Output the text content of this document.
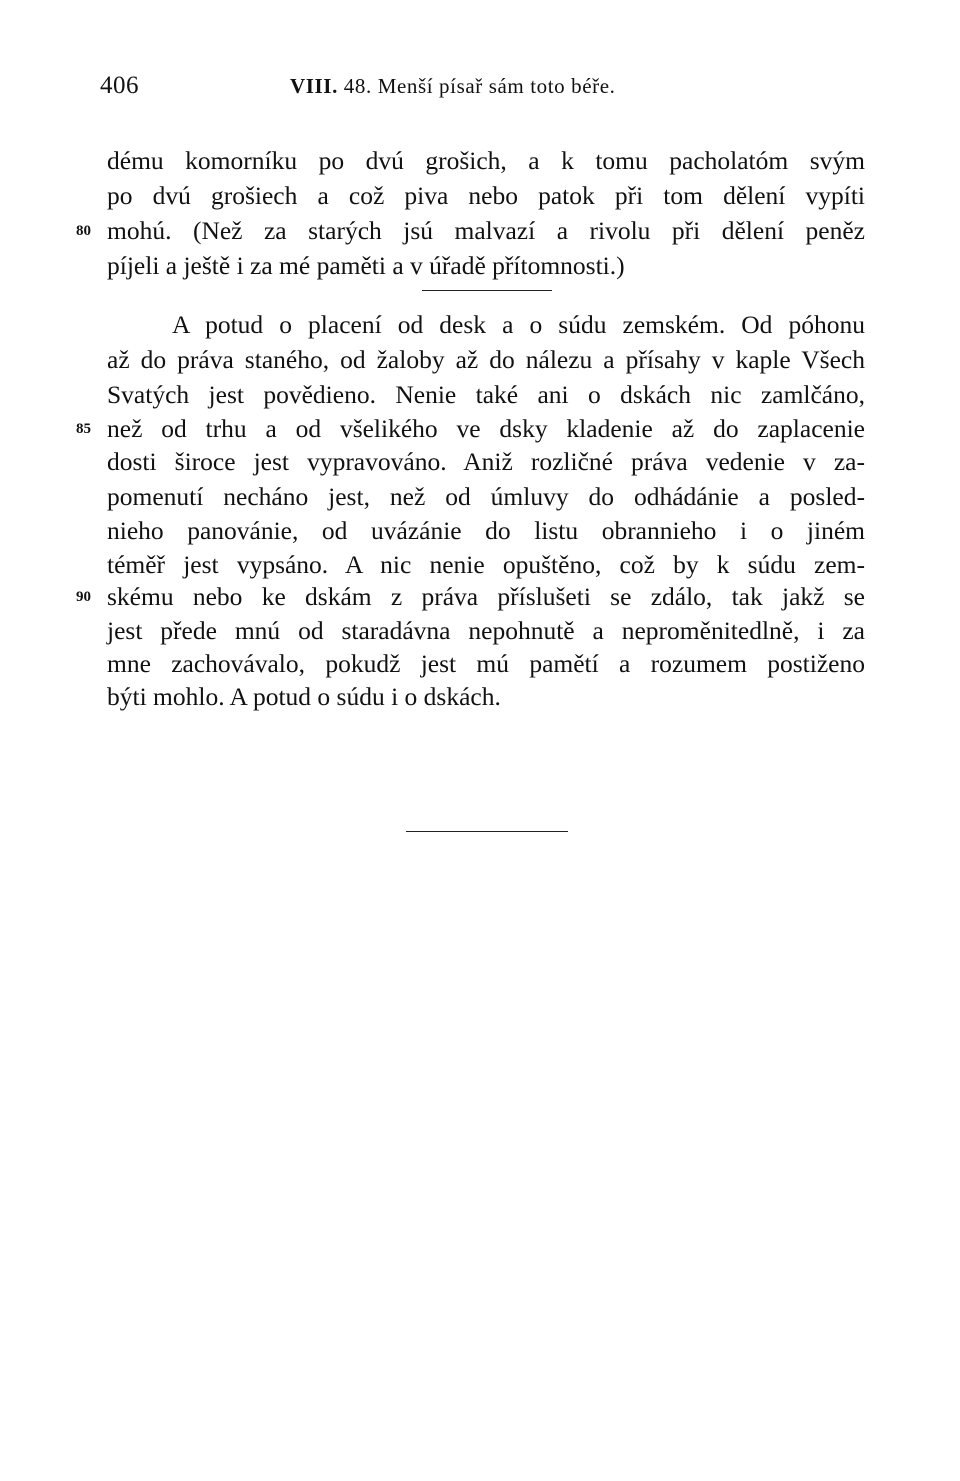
406	VIII. 48. Menší písař sám toto béře.
dému komorníku po dvú grošich, a k tomu pacholatóm svým
po dvú grošiech a což piva nebo patok při tom dělení vypíti
80 mohú. (Než za starých jsú malvazí a rivolu při dělení peněz
píjeli a ještě i za mé paměti a v úřadě přítomnosti.)
A potud o placení od desk a o súdu zemském. Od póhonu
až do práva staného, od žaloby až do nálezu a přísahy v kaple Všech
Svatých jest povědieno. Nenie také ani o dskách nic zamlčáno,
85 než od trhu a od všelikého ve dsky kladenie až do zaplacenie
dosti široce jest vypravováno. Aniž rozličné práva vedenie v za-
pomenutí necháno jest, než od úmluvy do odhádánie a posled-
nieho panovánie, od uvázánie do listu obrannieho i o jiném
téměř jest vypsáno. A nic nenie opuštěno, což by k súdu zem-
90 skému nebo ke dskám z práva příslušeti se zdálo, tak jakž se
jest přede mnú od staradávna nepohnutě a neproměnitedlně, i za
mne zachovávalo, pokudž jest mú pamětí a rozumem postiženo
býti mohlo. A potud o súdu i o dskách.
